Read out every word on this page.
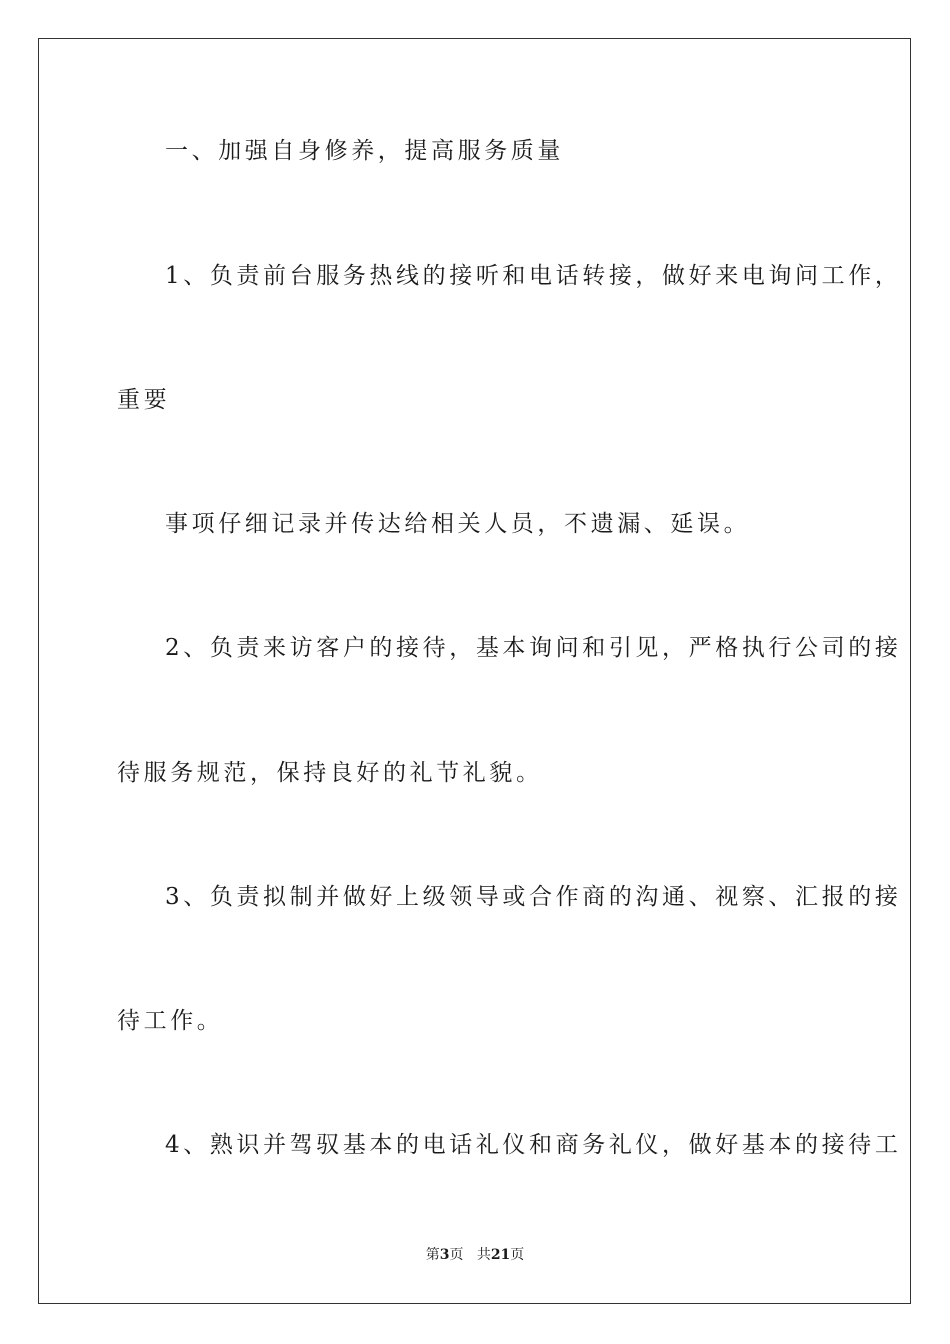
一、加强自身修养，提高服务质量

1、负责前台服务热线的接听和电话转接，做好来电询问工作，

重要

事项仔细记录并传达给相关人员，不遗漏、延误。

2、负责来访客户的接待，基本询问和引见，严格执行公司的接

待服务规范，保持良好的礼节礼貌。

3、负责拟制并做好上级领导或合作商的沟通、视察、汇报的接

待工作。

4、熟识并驾驭基本的电话礼仪和商务礼仪，做好基本的接待工

第3页 共21页
